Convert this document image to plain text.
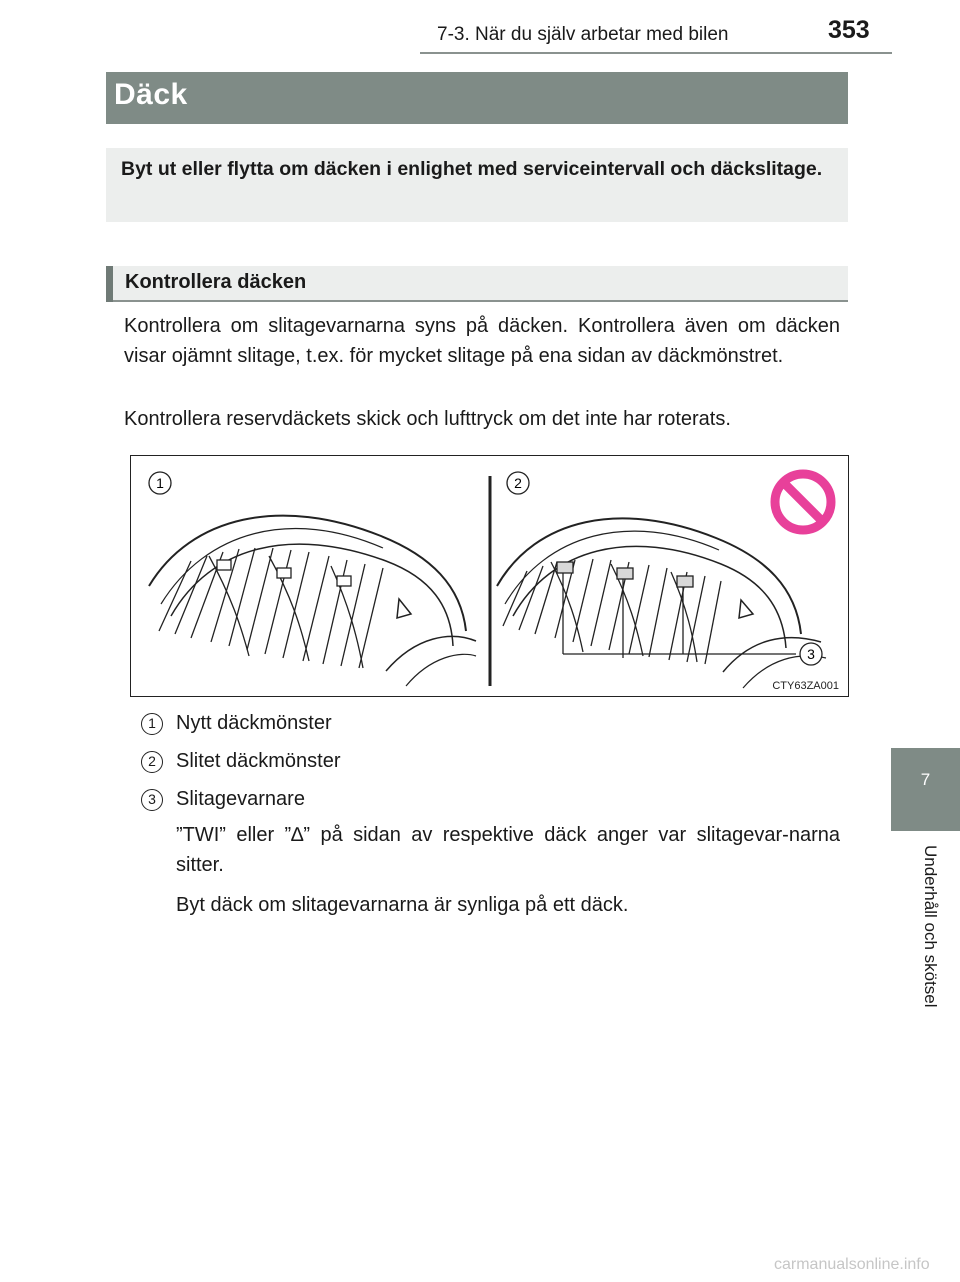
7-3. När du själv arbetar med bilen	353
Däck
Byt ut eller flytta om däcken i enlighet med serviceintervall och däckslitage.
Kontrollera däcken
Kontrollera om slitagevarnarna syns på däcken. Kontrollera även om däcken visar ojämnt slitage, t.ex. för mycket slitage på ena sidan av däckmönstret.
Kontrollera reservdäckets skick och lufttryck om det inte har roterats.
1	2
3
CTY63ZA001
1	Nytt däckmönster
2	Slitet däckmönster
3	Slitagevarnare
”TWI” eller ”∆” på sidan av respektive däck anger var slitagevar-narna sitter.
Byt däck om slitagevarnarna är synliga på ett däck.
7
Underhåll och skötsel
carmanualsonline.info
